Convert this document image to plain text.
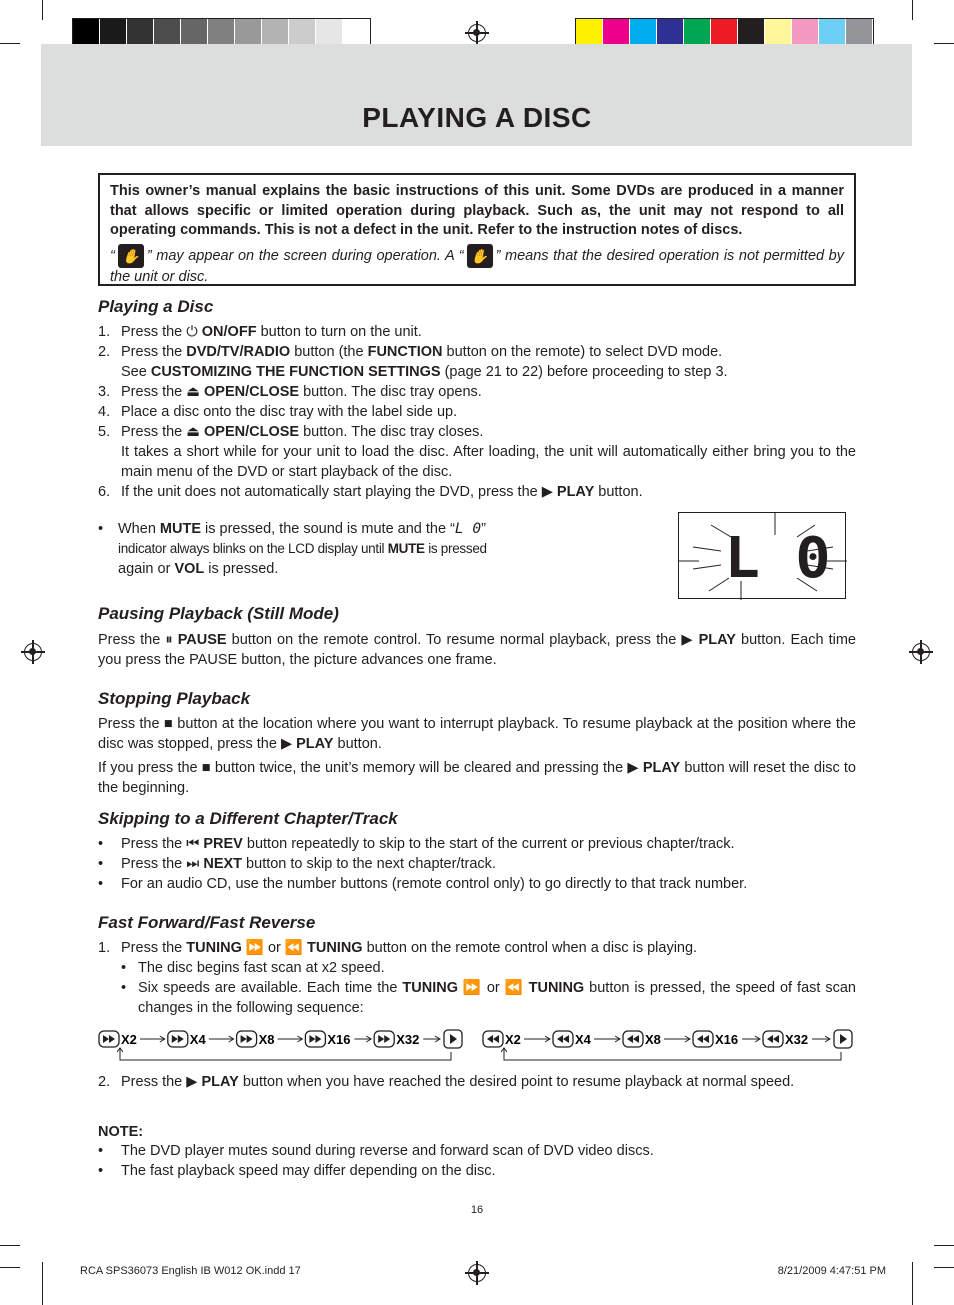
PLAYING A DISC
This owner’s manual explains the basic instructions of this unit. Some DVDs are produced in a manner that allows specific or limited operation during playback. Such as, the unit may not respond to all operating commands. This is not a defect in the unit. Refer to the instruction notes of discs.
“ ✋ ” may appear on the screen during operation. A “ ✋ ” means that the desired operation is not permitted by the unit or disc.
Playing a Disc
1. Press the ⏻ ON/OFF button to turn on the unit.
2. Press the DVD/TV/RADIO button (the FUNCTION button on the remote) to select DVD mode.
See CUSTOMIZING THE FUNCTION SETTINGS (page 21 to 22) before proceeding to step 3.
3. Press the ⏏ OPEN/CLOSE button. The disc tray opens.
4. Place a disc onto the disc tray with the label side up.
5. Press the ⏏ OPEN/CLOSE button. The disc tray closes.
It takes a short while for your unit to load the disc. After loading, the unit will automatically either bring you to the main menu of the DVD or start playback of the disc.
6. If the unit does not automatically start playing the DVD, press the ▶ PLAY button.
•	When MUTE is pressed, the sound is mute and the “L 0”
indicator always blinks on the LCD display until MUTE is pressed
again or VOL is pressed.	L 0
Pausing Playback (Still Mode)
Press the ⏸ PAUSE button on the remote control. To resume normal playback, press the ▶ PLAY button. Each time you press the PAUSE button, the picture advances one frame.
Stopping Playback
Press the ■ button at the location where you want to interrupt playback. To resume playback at the position where the disc was stopped, press the ▶ PLAY button.
If you press the ■ button twice, the unit’s memory will be cleared and pressing the ▶ PLAY button will reset the disc to the beginning.
Skipping to a Different Chapter/Track
•	Press the ⏮ PREV button repeatedly to skip to the start of the current or previous chapter/track.
•	Press the ⏭ NEXT button to skip to the next chapter/track.
•	For an audio CD, use the number buttons (remote control only) to go directly to that track number.
Fast Forward/Fast Reverse
1. Press the TUNING ⏩ or ⏪ TUNING button on the remote control when a disc is playing.
• The disc begins fast scan at x2 speed.
• Six speeds are available. Each time the TUNING ⏩ or ⏪ TUNING button is pressed, the speed of fast scan changes in the following sequence:
X2	X4	X8	X16	X32	X2	X4	X8	X16	X32
2. Press the ▶ PLAY button when you have reached the desired point to resume playback at normal speed.
NOTE:
•	The DVD player mutes sound during reverse and forward scan of DVD video discs.
•	The fast playback speed may differ depending on the disc.
16
RCA SPS36073 English IB W012 OK.indd 17	8/21/2009 4:47:51 PM
